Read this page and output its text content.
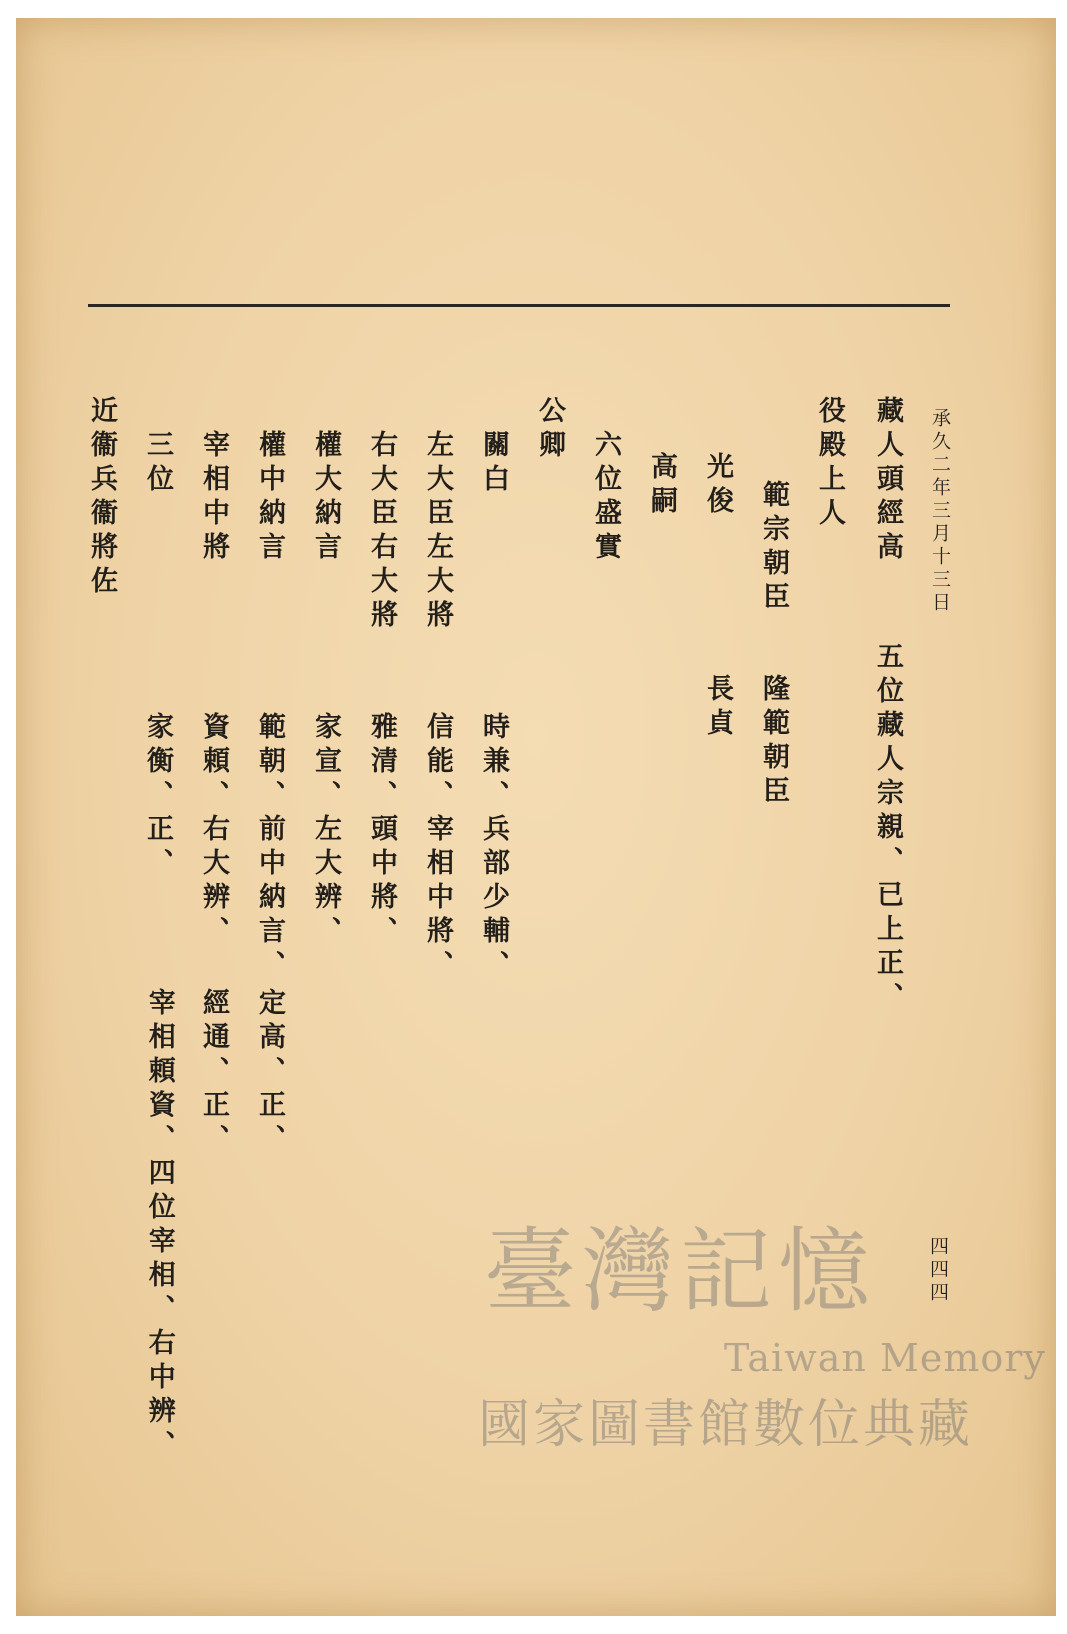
承久二年三月十三日
藏人頭經高
五位藏人宗親、已上正、
役殿上人
範宗朝臣
隆範朝臣
光俊
長貞
高嗣
六位盛實
公卿
關白
時兼、兵部少輔、
左大臣左大將
信能、宰相中將、
右大臣右大將
雅清、頭中將、
權大納言
家宣、左大辨、
權中納言
範朝、前中納言、
定高、正、
宰相中將
資頼、右大辨、
經通、正、
三位
家衡、正、
宰相頼資、四位宰相、右中辨、
近衞兵衞將佐
四四四
臺灣記憶
Taiwan Memory
國家圖書館數位典藏
